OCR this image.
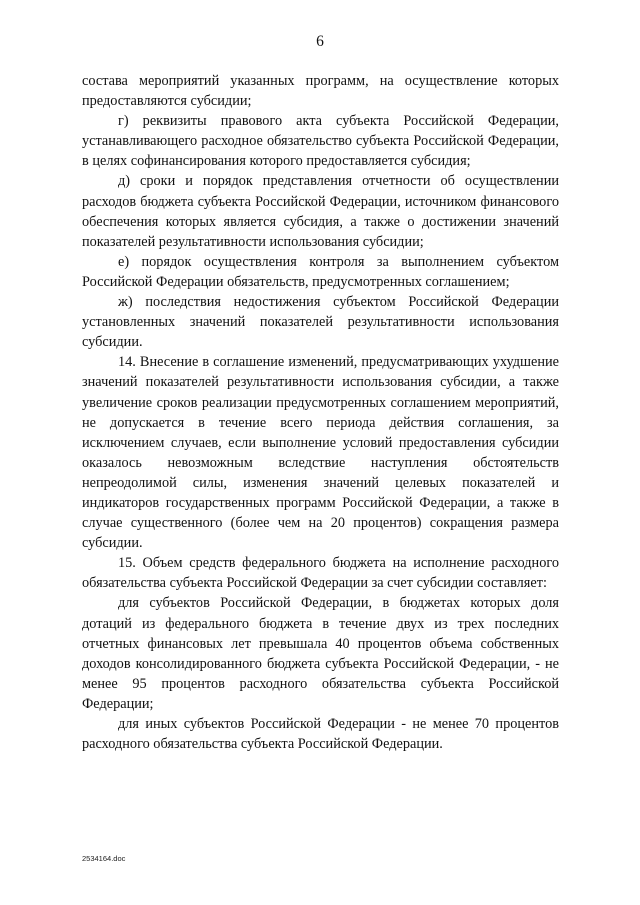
6

состава мероприятий указанных программ, на осуществление которых предоставляются субсидии;

г) реквизиты правового акта субъекта Российской Федерации, устанавливающего расходное обязательство субъекта Российской Федерации, в целях софинансирования которого предоставляется субсидия;

д) сроки и порядок представления отчетности об осуществлении расходов бюджета субъекта Российской Федерации, источником финансового обеспечения которых является субсидия, а также о достижении значений показателей результативности использования субсидии;

е) порядок осуществления контроля за выполнением субъектом Российской Федерации обязательств, предусмотренных соглашением;

ж) последствия недостижения субъектом Российской Федерации установленных значений показателей результативности использования субсидии.

14. Внесение в соглашение изменений, предусматривающих ухудшение значений показателей результативности использования субсидии, а также увеличение сроков реализации предусмотренных соглашением мероприятий, не допускается в течение всего периода действия соглашения, за исключением случаев, если выполнение условий предоставления субсидии оказалось невозможным вследствие наступления обстоятельств непреодолимой силы, изменения значений целевых показателей и индикаторов государственных программ Российской Федерации, а также в случае существенного (более чем на 20 процентов) сокращения размера субсидии.

15. Объем средств федерального бюджета на исполнение расходного обязательства субъекта Российской Федерации за счет субсидии составляет:

для субъектов Российской Федерации, в бюджетах которых доля дотаций из федерального бюджета в течение двух из трех последних отчетных финансовых лет превышала 40 процентов объема собственных доходов консолидированного бюджета субъекта Российской Федерации, - не менее 95 процентов расходного обязательства субъекта Российской Федерации;

для иных субъектов Российской Федерации - не менее 70 процентов расходного обязательства субъекта Российской Федерации.

2534164.doc
